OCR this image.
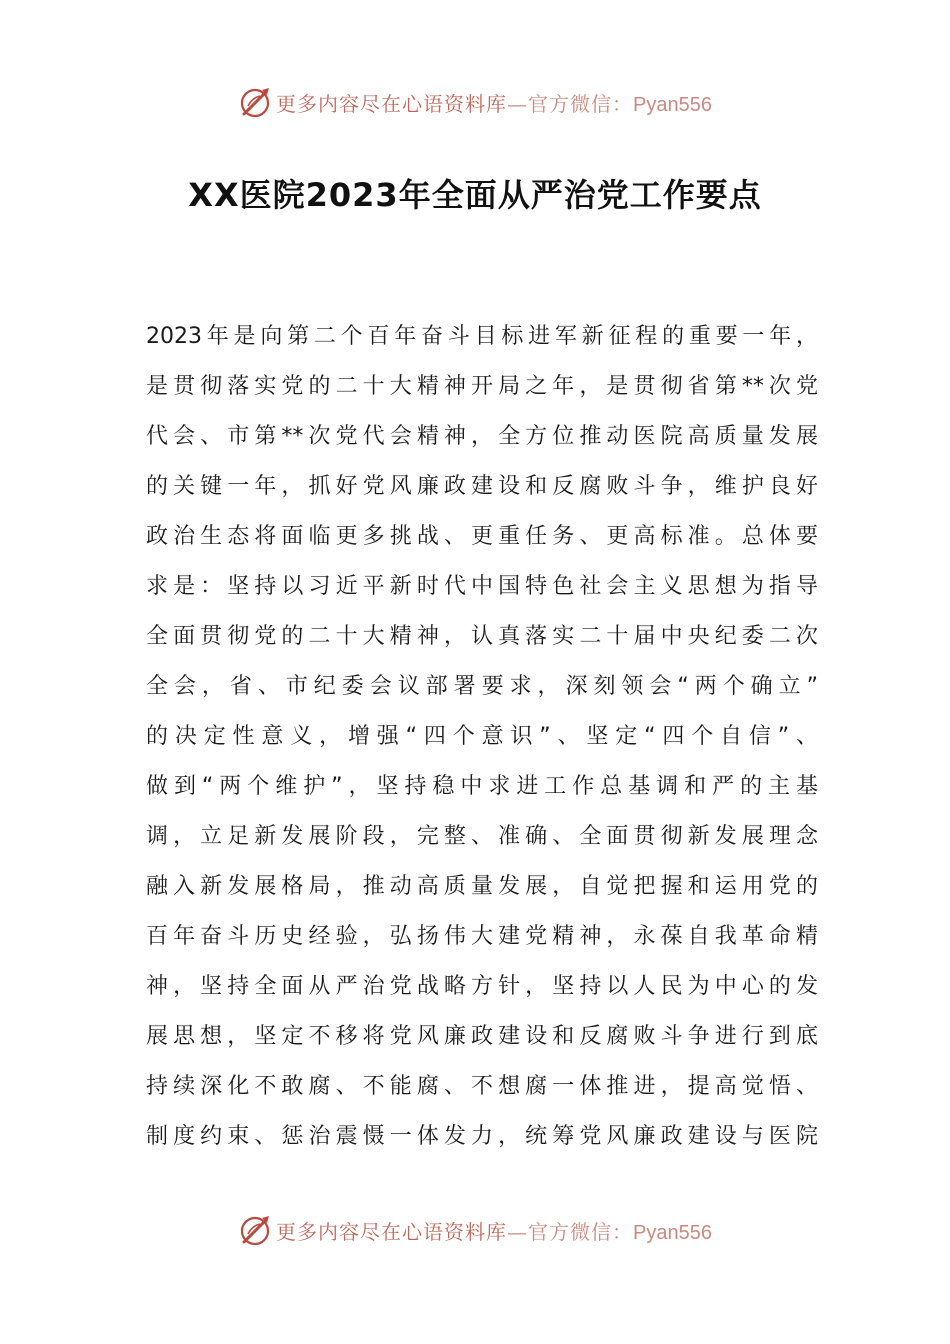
更多内容尽在心语资料库—官方微信：Pyan556
XX医院2023年全面从严治党工作要点
2023年是向第二个百年奋斗目标进军新征程的重要一年，
是贯彻落实党的二十大精神开局之年，是贯彻省第**次党
代会、市第**次党代会精神，全方位推动医院高质量发展
的关键一年，抓好党风廉政建设和反腐败斗争，维护良好
政治生态将面临更多挑战、更重任务、更高标准。总体要
求是：坚持以习近平新时代中国特色社会主义思想为指导
全面贯彻党的二十大精神，认真落实二十届中央纪委二次
全会，省、市纪委会议部署要求，深刻领会“两个确立”
的决定性意义，增强“四个意识”、坚定“四个自信”、
做到“两个维护”，坚持稳中求进工作总基调和严的主基
调，立足新发展阶段，完整、准确、全面贯彻新发展理念
融入新发展格局，推动高质量发展，自觉把握和运用党的
百年奋斗历史经验，弘扬伟大建党精神，永葆自我革命精
神，坚持全面从严治党战略方针，坚持以人民为中心的发
展思想，坚定不移将党风廉政建设和反腐败斗争进行到底
持续深化不敢腐、不能腐、不想腐一体推进，提高觉悟、
制度约束、惩治震慑一体发力，统筹党风廉政建设与医院
更多内容尽在心语资料库—官方微信：Pyan556
